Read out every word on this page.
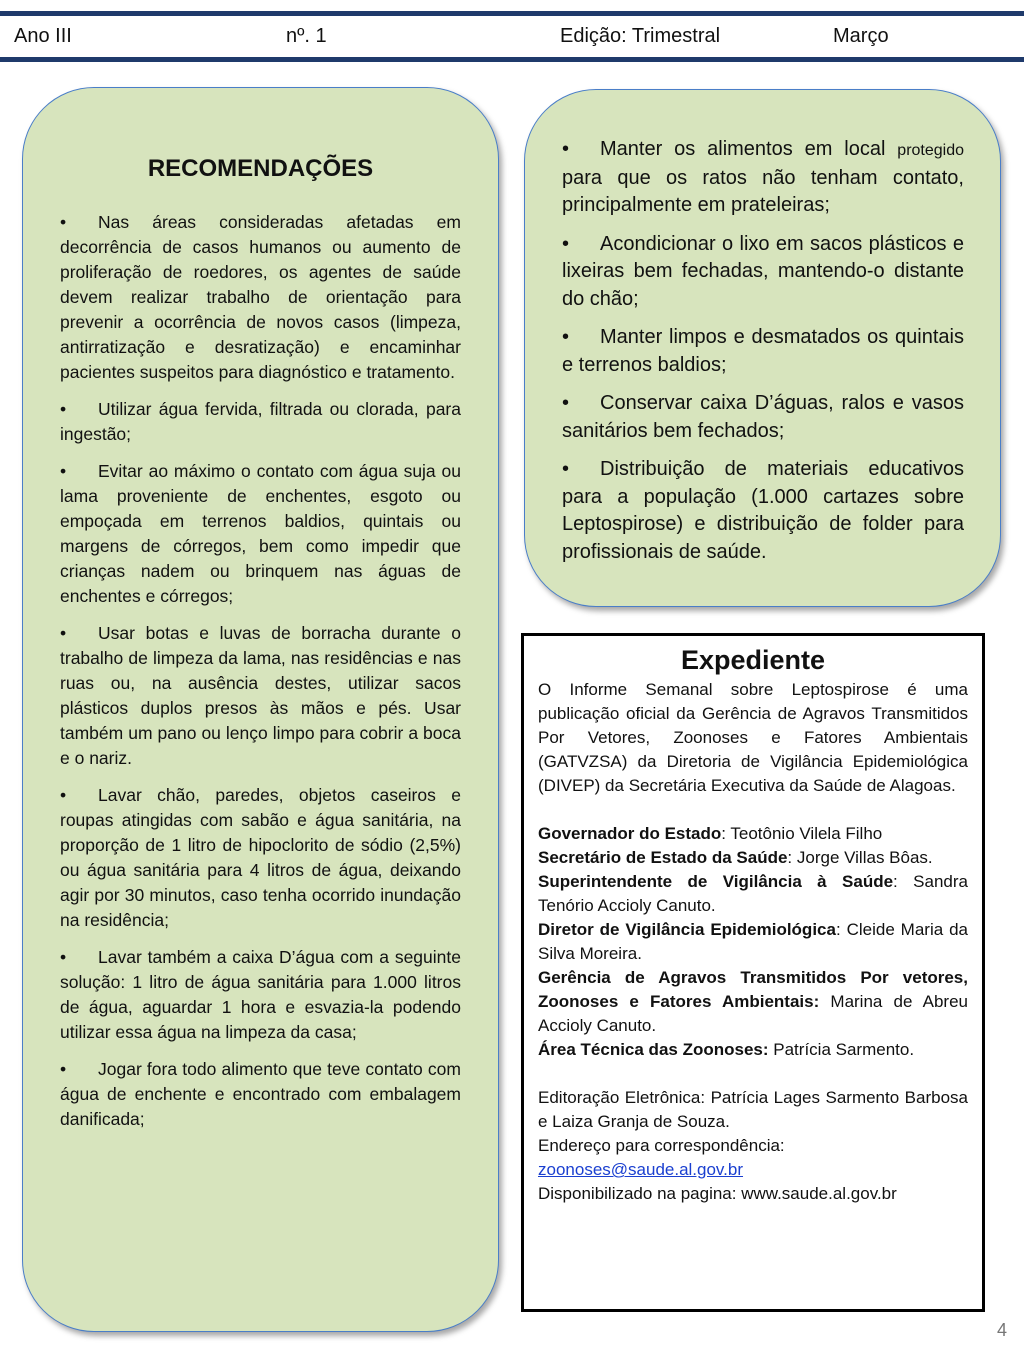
Ano III	nº. 1	Edição: Trimestral	Março
RECOMENDAÇÕES
• Nas áreas consideradas afetadas em decorrência de casos humanos ou aumento de proliferação de roedores, os agentes de saúde devem realizar trabalho de orientação para prevenir a ocorrência de novos casos (limpeza, antirratização e desratização) e encaminhar pacientes suspeitos para diagnóstico e tratamento.
• Utilizar água fervida, filtrada ou clorada, para ingestão;
• Evitar ao máximo o contato com água suja ou lama proveniente de enchentes, esgoto ou empoçada em terrenos baldios, quintais ou margens de córregos, bem como impedir que crianças nadem ou brinquem nas águas de enchentes e córregos;
• Usar botas e luvas de borracha durante o trabalho de limpeza da lama, nas residências e nas ruas ou, na ausência destes, utilizar sacos plásticos duplos presos às mãos e pés. Usar também um pano ou lenço limpo para cobrir a boca e o nariz.
• Lavar chão, paredes, objetos caseiros e roupas atingidas com sabão e água sanitária, na proporção de 1 litro de hipoclorito de sódio (2,5%) ou água sanitária para 4 litros de água, deixando agir por 30 minutos, caso tenha ocorrido inundação na residência;
• Lavar também a caixa D’água com a seguinte solução: 1 litro de água sanitária para 1.000 litros de água, aguardar 1 hora e esvazia-la podendo utilizar essa água na limpeza da casa;
• Jogar fora todo alimento que teve contato com água de enchente e encontrado com embalagem danificada;
• Manter os alimentos em local protegido para que os ratos não tenham contato, principalmente em prateleiras;
• Acondicionar o lixo em sacos plásticos e lixeiras bem fechadas, mantendo-o distante do chão;
• Manter limpos e desmatados os quintais e terrenos baldios;
• Conservar caixa D’águas, ralos e vasos sanitários bem fechados;
• Distribuição de materiais educativos para a população (1.000 cartazes sobre Leptospirose) e distribuição de folder para profissionais de saúde.
Expediente

O Informe Semanal sobre Leptospirose é uma publicação oficial da Gerência de Agravos Transmitidos Por Vetores, Zoonoses e Fatores Ambientais (GATVZSA) da Diretoria de Vigilância Epidemiológica (DIVEP) da Secretária Executiva da Saúde de Alagoas.

Governador do Estado: Teotônio Vilela Filho

Secretário de Estado da Saúde: Jorge Villas Bôas.

Superintendente de Vigilância à Saúde: Sandra Tenório Accioly Canuto.

Diretor de Vigilância Epidemiológica: Cleide Maria da Silva Moreira.

Gerência de Agravos Transmitidos Por vetores, Zoonoses e Fatores Ambientais: Marina de Abreu Accioly Canuto.

Área Técnica das Zoonoses: Patrícia Sarmento.

Editoração Eletrônica: Patrícia Lages Sarmento Barbosa e Laiza Granja de Souza.

Endereço para correspondência:

zoonoses@saude.al.gov.br

Disponibilizado na pagina: www.saude.al.gov.br

4
